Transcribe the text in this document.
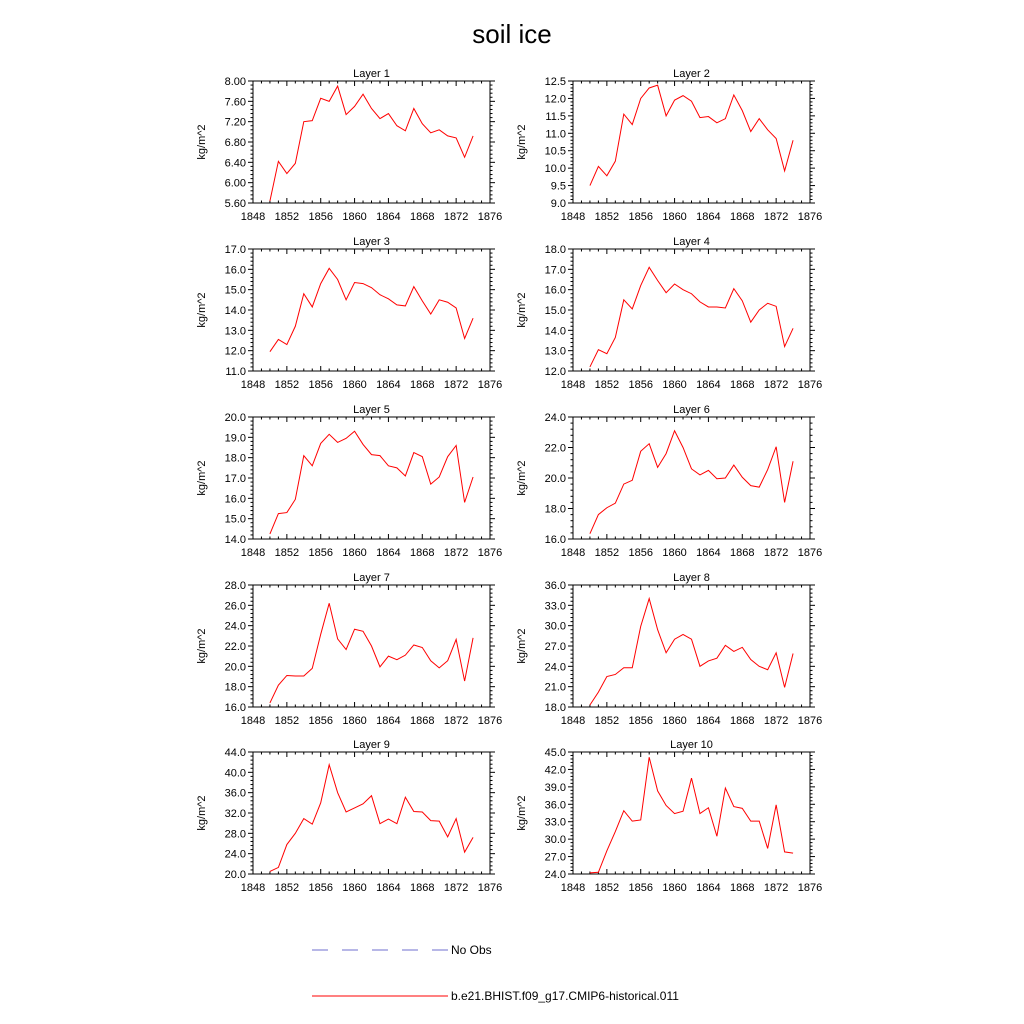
soil ice
Layer 1
1848 1852 1856 1860 1864 1868 1872 1876
5.60
6.00
6.40
6.80
7.20
7.60
8.00
kg/m^2
Layer 2
1848 1852 1856 1860 1864 1868 1872 1876
9.0
9.5
10.0
10.5
11.0
11.5
12.0
12.5
kg/m^2
Layer 3
1848 1852 1856 1860 1864 1868 1872 1876
11.0
12.0
13.0
14.0
15.0
16.0
17.0
kg/m^2
Layer 4
1848 1852 1856 1860 1864 1868 1872 1876
12.0
13.0
14.0
15.0
16.0
17.0
18.0
kg/m^2
Layer 5
1848 1852 1856 1860 1864 1868 1872 1876
14.0
15.0
16.0
17.0
18.0
19.0
20.0
kg/m^2
Layer 6
1848 1852 1856 1860 1864 1868 1872 1876
16.0
18.0
20.0
22.0
24.0
kg/m^2
Layer 7
1848 1852 1856 1860 1864 1868 1872 1876
16.0
18.0
20.0
22.0
24.0
26.0
28.0
kg/m^2
Layer 8
1848 1852 1856 1860 1864 1868 1872 1876
18.0
21.0
24.0
27.0
30.0
33.0
36.0
kg/m^2
Layer 9
1848 1852 1856 1860 1864 1868 1872 1876
20.0
24.0
28.0
32.0
36.0
40.0
44.0
kg/m^2
Layer 10
1848 1852 1856 1860 1864 1868 1872 1876
24.0
27.0
30.0
33.0
36.0
39.0
42.0
45.0
kg/m^2
No Obs
b.e21.BHIST.f09_g17.CMIP6-historical.011
